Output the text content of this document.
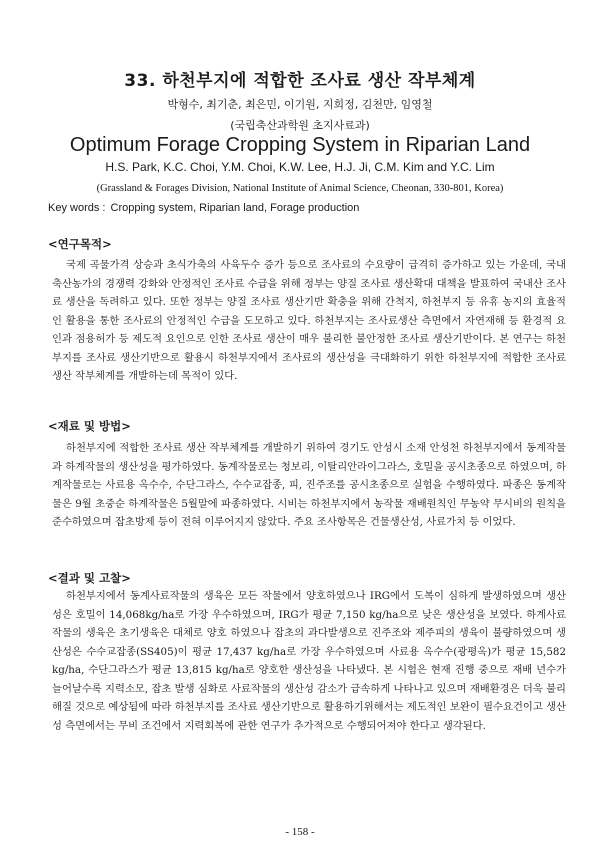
33. 하천부지에 적합한 조사료 생산 작부체계
박형수, 최기춘, 최은민, 이기원, 지희정, 김천만, 임영철
(국립축산과학원 초지사료과)
Optimum Forage Cropping System in Riparian Land
H.S. Park, K.C. Choi, Y.M. Choi, K.W. Lee, H.J. Ji, C.M. Kim and Y.C. Lim
(Grassland & Forages Division, National Institute of Animal Science, Cheonan, 330-801, Korea)
Key words : Cropping system, Riparian land, Forage production
<연구목적>

국제 곡물가격 상승과 초식가축의 사육두수 증가 등으로 조사료의 수요량이 급격히 증가하고 있는 가운데, 국내 축산농가의 경쟁력 강화와 안정적인 조사료 수급을 위해 정부는 양질 조사료 생산확대 대책을 발표하여 국내산 조사료 생산을 독려하고 있다. 또한 정부는 양질 조사료 생산기반 확충을 위해 간척지, 하천부지 등 유휴 농지의 효율적인 활용을 통한 조사료의 안정적인 수급을 도모하고 있다. 하천부지는 조사료생산 측면에서 자연재해 등 환경적 요인과 점용허가 등 제도적 요인으로 인한 조사료 생산이 매우 불리한 불안정한 조사료 생산기반이다. 본 연구는 하천부지를 조사료 생산기반으로 활용시 하천부지에서 조사료의 생산성을 극대화하기 위한 하천부지에 적합한 조사료 생산 작부체계를 개발하는데 목적이 있다.

<재료 및 방법>

하천부지에 적합한 조사료 생산 작부체계를 개발하기 위하여 경기도 안성시 소재 안성천 하천부지에서 동계작물과 하계작물의 생산성을 평가하였다. 동계작물로는 청보리, 이탈리안라이그라스, 호밀을 공시초종으로 하였으며, 하계작물로는 사료용 옥수수, 수단그라스, 수수교잡종, 피, 진주조를 공시초종으로 실험을 수행하였다. 파종은 동계작물은 9월 초중순 하계작물은 5월말에 파종하였다. 시비는 하천부지에서 농작물 재배원칙인 무농약 무시비의 원칙을 준수하였으며 잡초방제 등이 전혀 이루어지지 않았다. 주요 조사항목은 건물생산성, 사료가치 등 이었다.

<결과 및 고찰>

하천부지에서 동계사료작물의 생육은 모든 작물에서 양호하였으나 IRG에서 도복이 심하게 발생하였으며 생산성은 호밀이 14,068kg/ha로 가장 우수하였으며, IRG가 평균 7,150 kg/ha으로 낮은 생산성을 보였다. 하계사료작물의 생육은 초기생육은 대체로 양호 하였으나 잡초의 과다발생으로 진주조와 제주피의 생육이 불량하였으며 생산성은 수수교잡종(SS405)이 평균 17,437 kg/ha로 가장 우수하였으며 사료용 옥수수(광평옥)가 평균 15,582 kg/ha, 수단그라스가 평균 13,815 kg/ha로 양호한 생산성을 나타냈다. 본 시험은 현재 진행 중으로 재배 년수가 늘어날수록 지력소모, 잡초 발생 심화로 사료작물의 생산성 감소가 급속하게 나타나고 있으며 재배환경은 더욱 불리해질 것으로 예상됨에 따라 하천부지를 조사료 생산기반으로 활용하기위해서는 제도적인 보완이 필수요건이고 생산성 측면에서는 무비 조건에서 지력회복에 관한 연구가 추가적으로 수행되어져야 한다고 생각된다.

- 158 -
